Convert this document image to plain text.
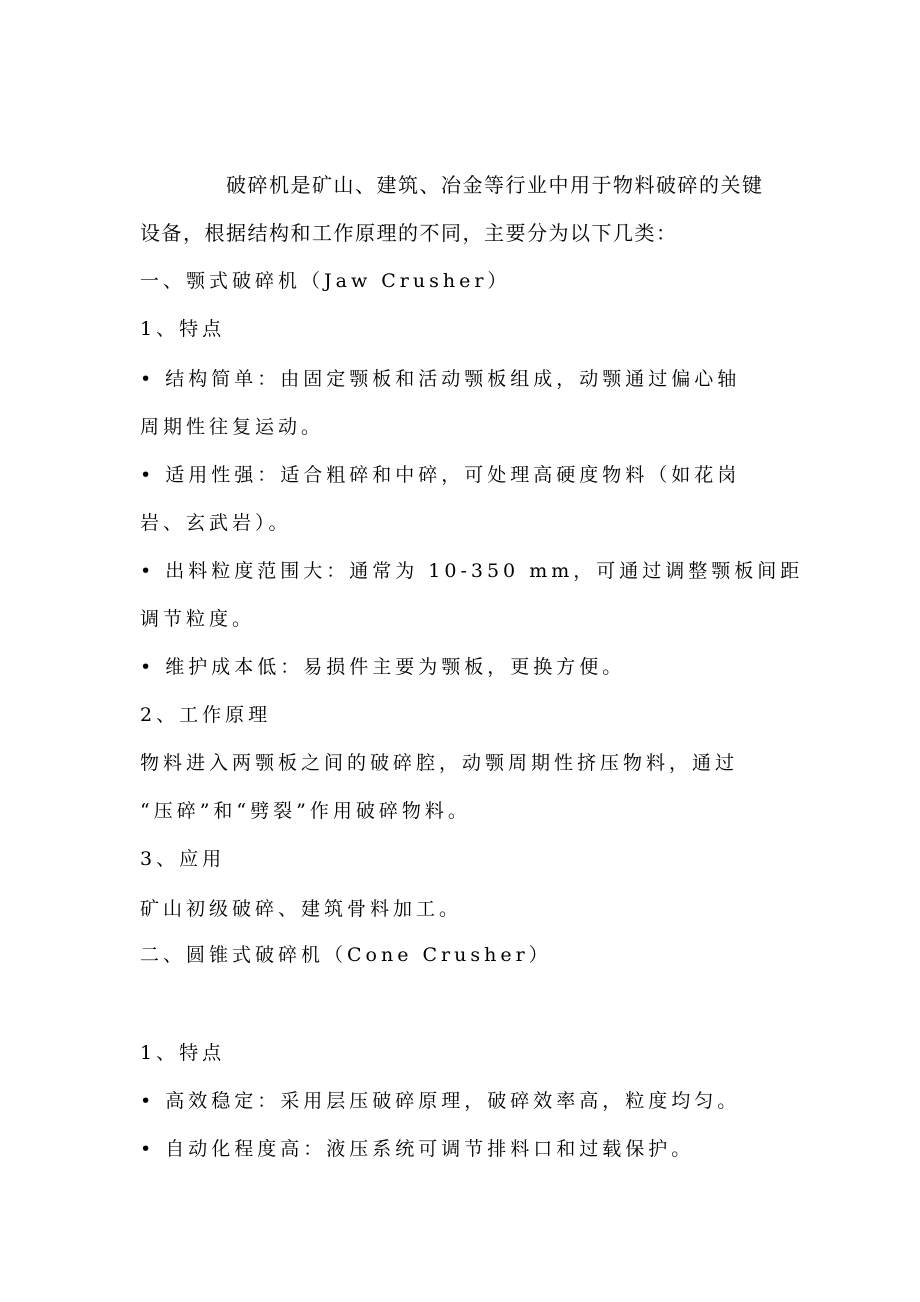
破碎机是矿山、建筑、冶金等行业中用于物料破碎的关键
设备，根据结构和工作原理的不同，主要分为以下几类：
一、颚式破碎机（Jaw Crusher）
1、特点
• 结构简单：由固定颚板和活动颚板组成，动颚通过偏心轴
周期性往复运动。
• 适用性强：适合粗碎和中碎，可处理高硬度物料（如花岗
岩、玄武岩）。
• 出料粒度范围大：通常为 10-350 mm，可通过调整颚板间距
调节粒度。
• 维护成本低：易损件主要为颚板，更换方便。
2、工作原理
物料进入两颚板之间的破碎腔，动颚周期性挤压物料，通过
“压碎”和“劈裂”作用破碎物料。
3、应用
矿山初级破碎、建筑骨料加工。
二、圆锥式破碎机（Cone Crusher）
1、特点
• 高效稳定：采用层压破碎原理，破碎效率高，粒度均匀。
• 自动化程度高：液压系统可调节排料口和过载保护。
